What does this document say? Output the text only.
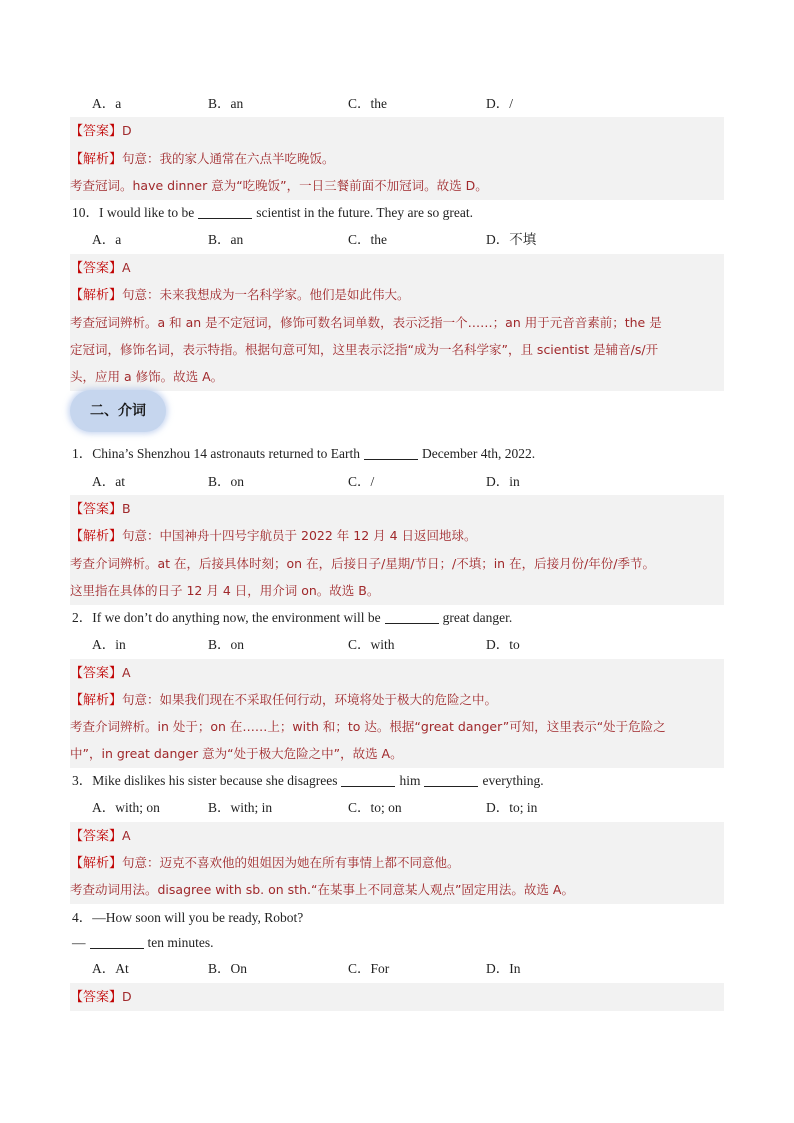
A．a	B．an	C．the	D．/
【答案】D
【解析】句意：我的家人通常在六点半吃晚饭。
考查冠词。have dinner 意为“吃晚饭”，一日三餐前面不加冠词。故选 D。
10．I would like to be	scientist in the future. They are so great.
A．a	B．an	C．the	D．不填
【答案】A
【解析】句意：未来我想成为一名科学家。他们是如此伟大。
考查冠词辨析。a 和 an 是不定冠词，修饰可数名词单数，表示泛指一个……；an 用于元音音素前；the 是
定冠词，修饰名词，表示特指。根据句意可知，这里表示泛指“成为一名科学家”，且 scientist 是辅音/s/开
头，应用 a 修饰。故选 A。
二、介词
1．China’s Shenzhou 14 astronauts returned to Earth	December 4th, 2022.
A．at	B．on	C．/	D．in
【答案】B
【解析】句意：中国神舟十四号宇航员于 2022 年 12 月 4 日返回地球。
考查介词辨析。at 在，后接具体时刻；on 在，后接日子/星期/节日；/不填；in 在，后接月份/年份/季节。
这里指在具体的日子 12 月 4 日，用介词 on。故选 B。
2．If we don’t do anything now, the environment will be	great danger.
A．in	B．on	C．with	D．to
【答案】A
【解析】句意：如果我们现在不采取任何行动，环境将处于极大的危险之中。
考查介词辨析。in 处于；on 在……上；with 和；to 达。根据“great danger”可知，这里表示“处于危险之
中”，in great danger 意为“处于极大危险之中”，故选 A。
3．Mike dislikes his sister because she disagrees	him	everything.
A．with; on	B．with; in	C．to; on	D．to; in
【答案】A
【解析】句意：迈克不喜欢他的姐姐因为她在所有事情上都不同意他。
考查动词用法。disagree with sb. on sth.“在某事上不同意某人观点”固定用法。故选 A。
4．—How soon will you be ready, Robot?
—	ten minutes.
A．At	B．On	C．For	D．In
【答案】D
